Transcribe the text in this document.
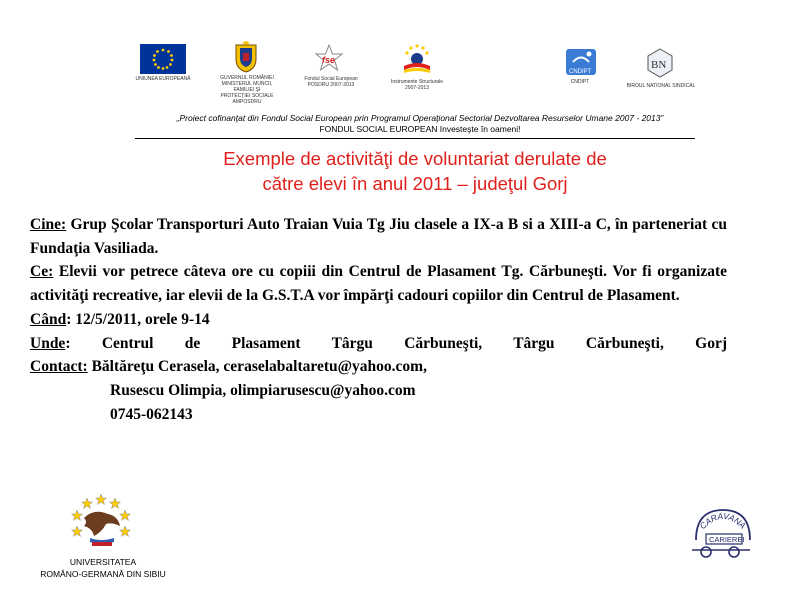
UNIUNEA EUROPEANĂ	GUVERNUL ROMÂNIEI MINISTERUL MUNCII, FAMILIEI ŞI PROTECŢIEI SOCIALE AMPOSDRU
fse
Fondul Social European POSDRU 2007-2013	Instrumente Structurale 2007-2013
CNDIPT
CNDIPT
BN
BIROUL NATIONAL SINDICAL
„Proiect cofinanţat din Fondul Social European prin Programul Operaţional Sectorial Dezvoltarea Resurselor Umane 2007 - 2013”
FONDUL SOCIAL EUROPEAN Investeşte în oameni!
Exemple de activităţi de voluntariat derulate de
către elevi în anul 2011 – judeţul Gorj

Cine: Grup Şcolar Transporturi Auto Traian Vuia Tg Jiu clasele a IX-a B si a XIII-a C, în parteneriat cu Fundaţia Vasiliada.

Ce: Elevii vor petrece câteva ore cu copiii din Centrul de Plasament Tg. Cărbuneşti. Vor fi organizate activităţi recreative, iar elevii de la G.S.T.A vor împărţi cadouri copiilor din Centrul de Plasament.

Când: 12/5/2011, orele 9-14

Unde: Centrul de Plasament Târgu Cărbuneşti, Târgu Cărbuneşti, Gorj

Contact: Băltăreţu Cerasela, ceraselabaltaretu@yahoo.com,

Rusescu Olimpia, olimpiarusescu@yahoo.com

0745-062143

UNIVERSITATEA
ROMÂNO-GERMANĂ DIN SIBIU
CARAVANA
CARIEREI
